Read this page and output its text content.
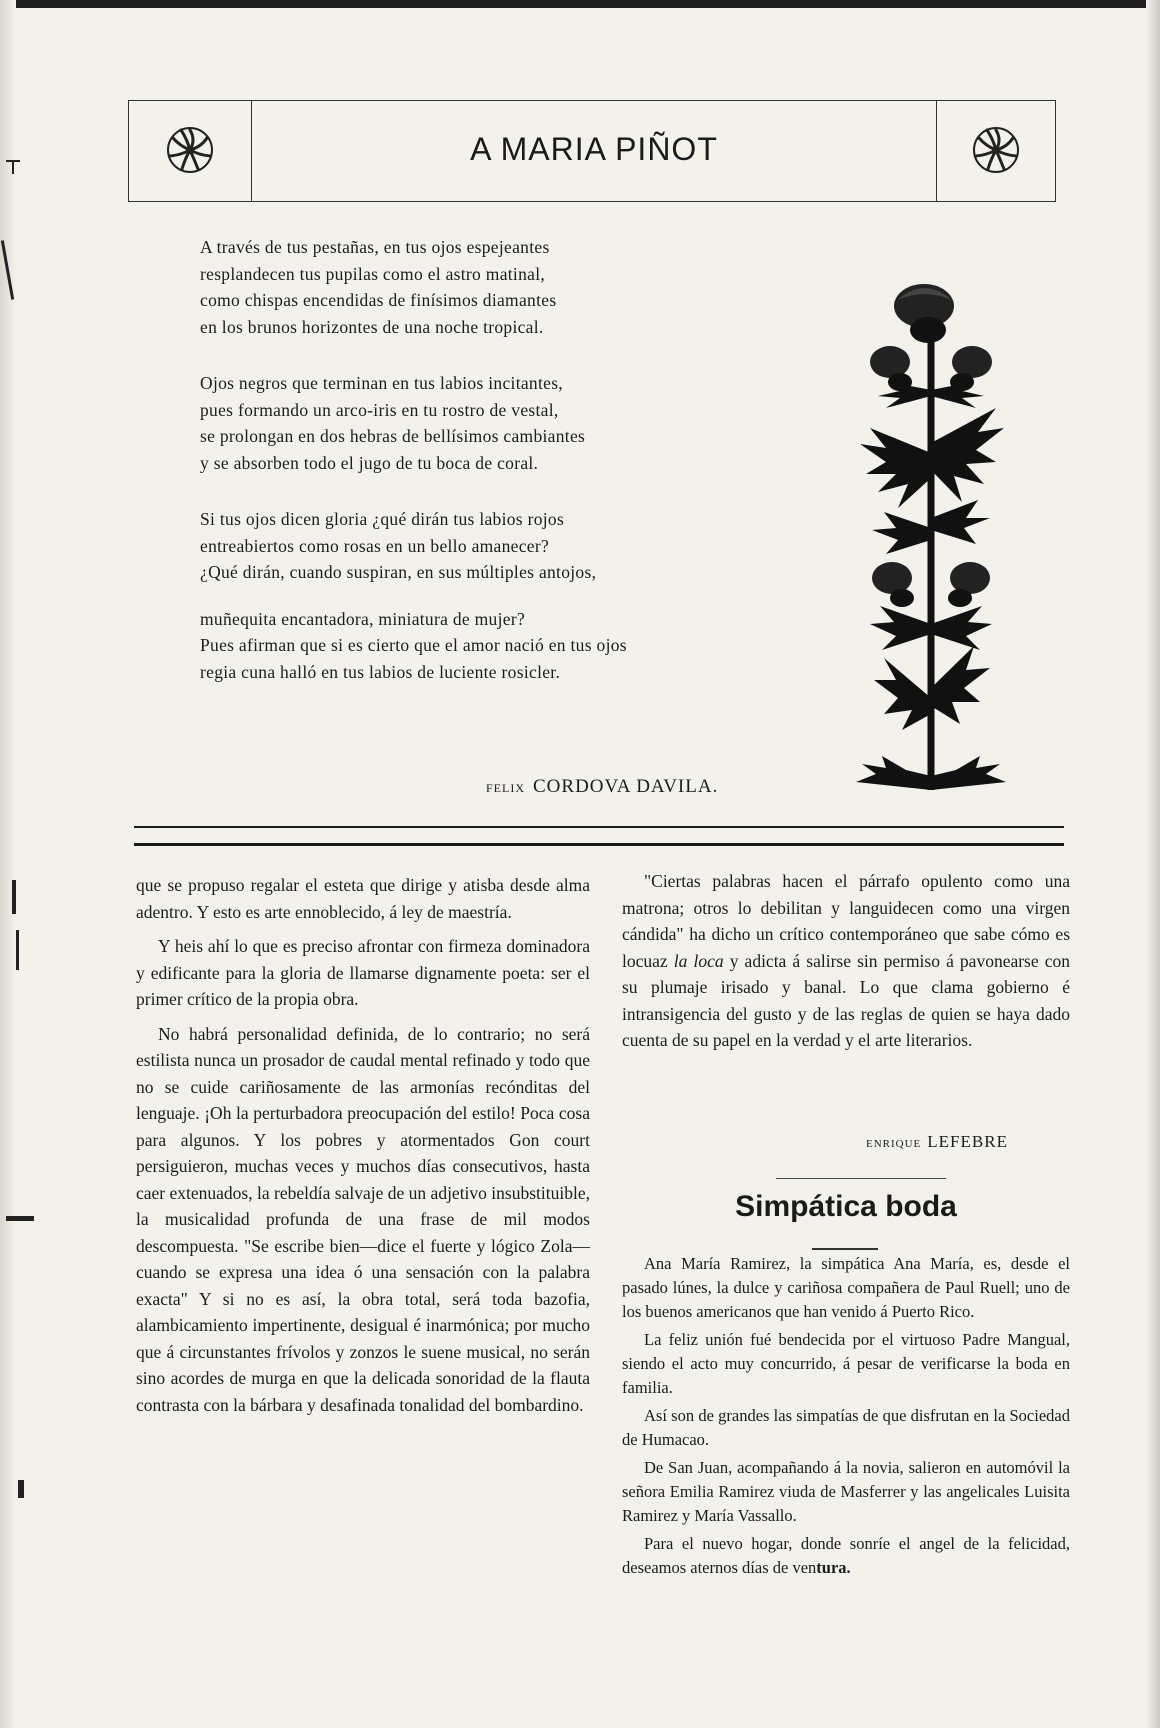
A MARIA PIÑOT
A través de tus pestañas, en tus ojos espejeantes
resplandecen tus pupilas como el astro matinal,
como chispas encendidas de finísimos diamantes
en los brunos horizontes de una noche tropical.
Ojos negros que terminan en tus labios incitantes,
pues formando un arco-iris en tu rostro de vestal,
se prolongan en dos hebras de bellísimos cambiantes
y se absorben todo el jugo de tu boca de coral.
Si tus ojos dicen gloria ¿qué dirán tus labios rojos
entreabiertos como rosas en un bello amanecer?
¿Qué dirán, cuando suspiran, en sus múltiples antojos,
muñequita encantadora, miniatura de mujer?
Pues afirman que si es cierto que el amor nació en tus ojos
regia cuna halló en tus labios de luciente rosicler.
FELIX CORDOVA DAVILA.

que se propuso regalar el esteta que dirige y atisba desde alma adentro. Y esto es arte ennoblecido, á ley de maestría.

Y heis ahí lo que es preciso afrontar con firmeza dominadora y edificante para la gloria de llamarse dignamente poeta: ser el primer crítico de la propia obra.

No habrá personalidad definida, de lo contrario; no será estilista nunca un prosador de caudal mental refinado y todo que no se cuide cariñosamente de las armonías recónditas del lenguaje. ¡Oh la perturbadora preocupación del estilo! Poca cosa para algunos. Y los pobres y atormentados Gon court persiguieron, muchas veces y muchos días consecutivos, hasta caer extenuados, la rebeldía salvaje de un adjetivo insubstituible, la musicalidad profunda de una frase de mil modos descompuesta. "Se escribe bien—dice el fuerte y lógico Zola—cuando se expresa una idea ó una sensación con la palabra exacta" Y si no es así, la obra total, será toda bazofia, alambicamiento impertinente, desigual é inarmónica; por mucho que á circunstantes frívolos y zonzos le suene musical, no serán sino acordes de murga en que la delicada sonoridad de la flauta contrasta con la bárbara y desafinada tonalidad del bombardino.

"Ciertas palabras hacen el párrafo opulento como una matrona; otros lo debilitan y languidecen como una virgen cándida" ha dicho un crítico contemporáneo que sabe cómo es locuaz la loca y adicta á salirse sin permiso á pavonearse con su plumaje irisado y banal. Lo que clama gobierno é intransigencia del gusto y de las reglas de quien se haya dado cuenta de su papel en la verdad y el arte literarios.

ENRIQUE LEFEBRE
Simpática boda

Ana María Ramirez, la simpática Ana María, es, desde el pasado lúnes, la dulce y cariñosa compañera de Paul Ruell; uno de los buenos americanos que han venido á Puerto Rico.

La feliz unión fué bendecida por el virtuoso Padre Mangual, siendo el acto muy concurrido, á pesar de verificarse la boda en familia.

Así son de grandes las simpatías de que disfrutan en la Sociedad de Humacao.

De San Juan, acompañando á la novia, salieron en automóvil la señora Emilia Ramirez viuda de Masferrer y las angelicales Luisita Ramirez y María Vassallo.

Para el nuevo hogar, donde sonríe el angel de la felicidad, deseamos aternos días de ventura.
